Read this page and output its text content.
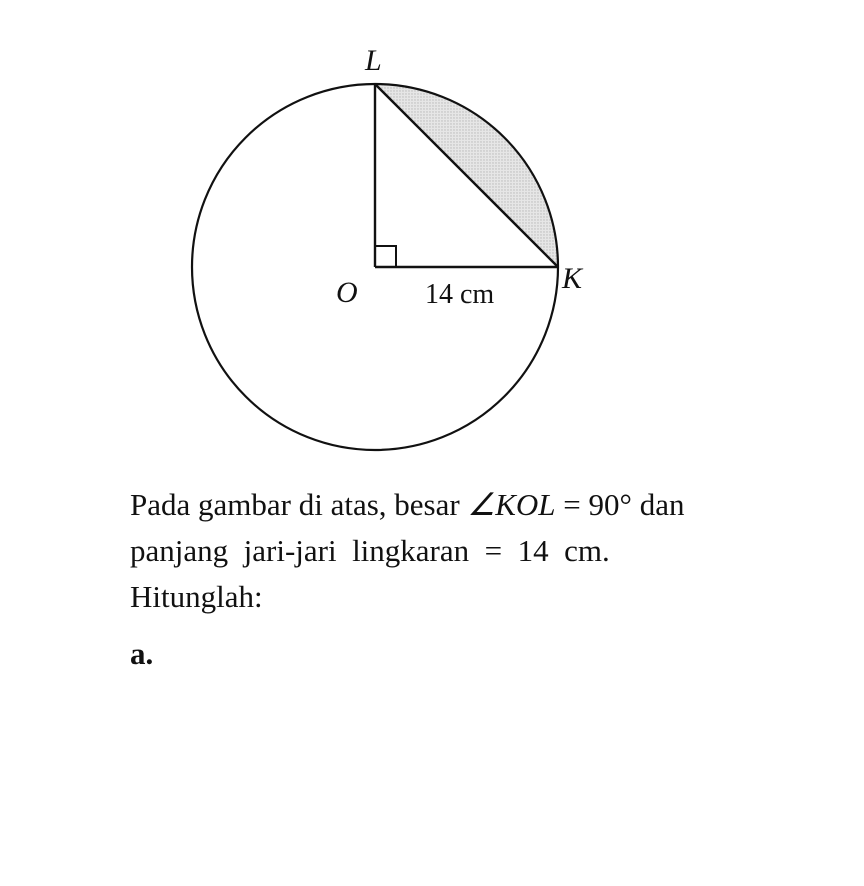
L
O	K
14 cm
Pada gambar di atas, besar ∠KOL = 90° dan
panjang  jari-jari  lingkaran  =  14  cm.
Hitunglah:
a.
